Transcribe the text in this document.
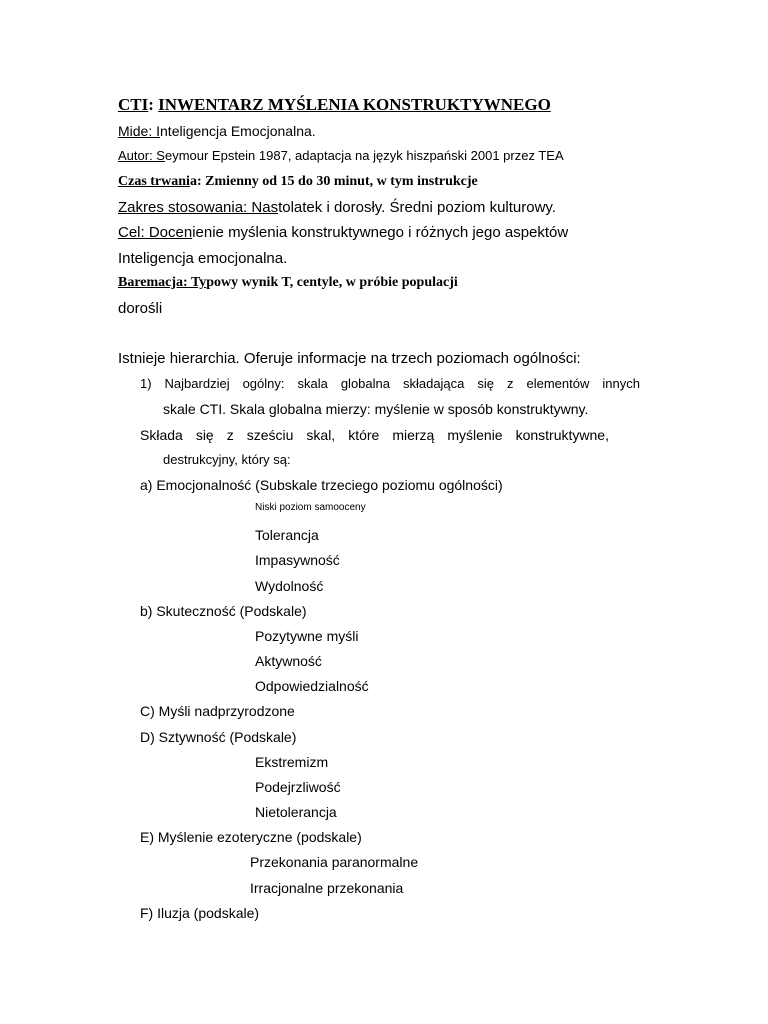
CTI: INWENTARZ MYŚLENIA KONSTRUKTYWNEGO
Mide: Inteligencja Emocjonalna.
Autor: Seymour Epstein 1987, adaptacja na język hiszpański 2001 przez TEA
Czas trwania: Zmienny od 15 do 30 minut, w tym instrukcje
Zakres stosowania: Nastolatek i dorosły. Średni poziom kulturowy.
Cel: Docenienie myślenia konstruktywnego i różnych jego aspektów
Inteligencja emocjonalna.
Baremacja: Typowy wynik T, centyle, w próbie populacji
dorośli
Istnieje hierarchia. Oferuje informacje na trzech poziomach ogólności:
1) Najbardziej ogólny: skala globalna składająca się z elementów innych
skale CTI. Skala globalna mierzy: myślenie w sposób konstruktywny.
Składa się z sześciu skal, które mierzą myślenie konstruktywne,
destrukcyjny, który są:
a) Emocjonalność (Subskale trzeciego poziomu ogólności)
Niski poziom samooceny
Tolerancja
Impasywność
Wydolność
b) Skuteczność (Podskale)
Pozytywne myśli
Aktywność
Odpowiedzialność
C) Myśli nadprzyrodzone
D) Sztywność (Podskale)
Ekstremizm
Podejrzliwość
Nietolerancja
E) Myślenie ezoteryczne (podskale)
Przekonania paranormalne
Irracjonalne przekonania
F) Iluzja (podskale)
